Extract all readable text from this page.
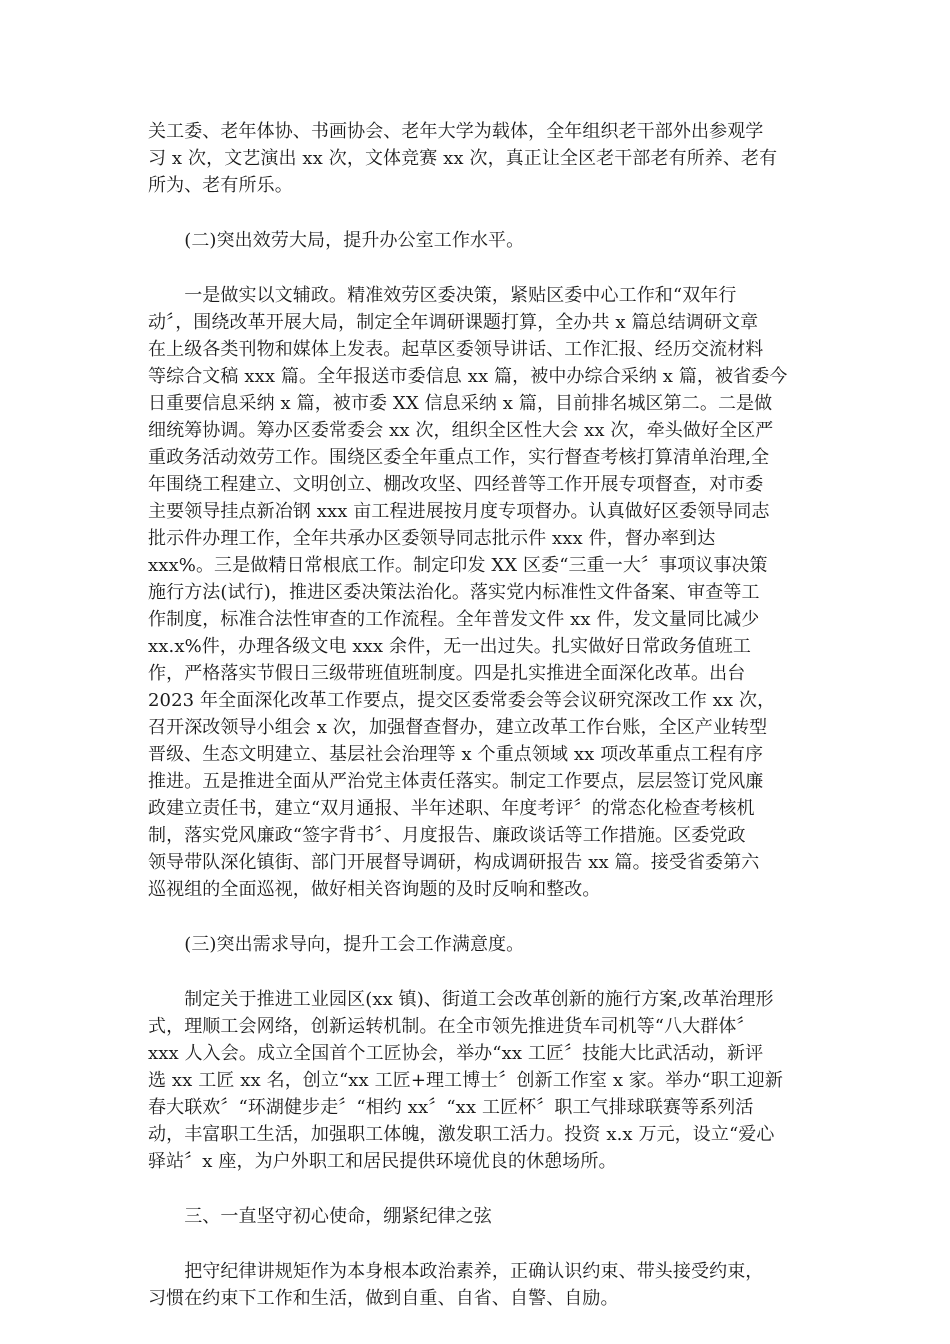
关工委、老年体协、书画协会、老年大学为载体，全年组织老干部外出参观学
习 x 次，文艺演出 xx 次，文体竞赛 xx 次，真正让全区老干部老有所养、老有
所为、老有所乐。
　　(二)突出效劳大局，提升办公室工作水平。
　　一是做实以文辅政。精准效劳区委决策，紧贴区委中心工作和“双年行
动〞，围绕改革开展大局，制定全年调研课题打算，全办共 x 篇总结调研文章
在上级各类刊物和媒体上发表。起草区委领导讲话、工作汇报、经历交流材料
等综合文稿 xxx 篇。全年报送市委信息 xx 篇，被中办综合采纳 x 篇，被省委今
日重要信息采纳 x 篇，被市委 XX 信息采纳 x 篇，目前排名城区第二。二是做
细统筹协调。筹办区委常委会 xx 次，组织全区性大会 xx 次，牵头做好全区严
重政务活动效劳工作。围绕区委全年重点工作，实行督查考核打算清单治理,全
年围绕工程建立、文明创立、棚改攻坚、四经普等工作开展专项督查，对市委
主要领导挂点新冶钢 xxx 亩工程进展按月度专项督办。认真做好区委领导同志
批示件办理工作，全年共承办区委领导同志批示件 xxx 件，督办率到达
xxx%。三是做精日常根底工作。制定印发 XX 区委“三重一大〞事项议事决策
施行方法(试行)，推进区委决策法治化。落实党内标准性文件备案、审查等工
作制度，标准合法性审查的工作流程。全年普发文件 xx 件，发文量同比减少
xx.x%件，办理各级文电 xxx 余件，无一出过失。扎实做好日常政务值班工
作，严格落实节假日三级带班值班制度。四是扎实推进全面深化改革。出台
2023 年全面深化改革工作要点，提交区委常委会等会议研究深改工作 xx 次，
召开深改领导小组会 x 次，加强督查督办，建立改革工作台账，全区产业转型
晋级、生态文明建立、基层社会治理等 x 个重点领域 xx 项改革重点工程有序
推进。五是推进全面从严治党主体责任落实。制定工作要点，层层签订党风廉
政建立责任书，建立“双月通报、半年述职、年度考评〞的常态化检查考核机
制，落实党风廉政“签字背书〞、月度报告、廉政谈话等工作措施。区委党政
领导带队深化镇街、部门开展督导调研，构成调研报告 xx 篇。接受省委第六
巡视组的全面巡视，做好相关咨询题的及时反响和整改。
　　(三)突出需求导向，提升工会工作满意度。
　　制定关于推进工业园区(xx 镇)、街道工会改革创新的施行方案,改革治理形
式，理顺工会网络，创新运转机制。在全市领先推进货车司机等“八大群体〞
xxx 人入会。成立全国首个工匠协会，举办“xx 工匠〞技能大比武活动，新评
选 xx 工匠 xx 名，创立“xx 工匠+理工博士〞创新工作室 x 家。举办“职工迎新
春大联欢〞“环湖健步走〞“相约 xx〞“xx 工匠杯〞职工气排球联赛等系列活
动，丰富职工生活，加强职工体魄，激发职工活力。投资 x.x 万元，设立“爱心
驿站〞x 座，为户外职工和居民提供环境优良的休憩场所。
　　三、一直坚守初心使命，绷紧纪律之弦
　　把守纪律讲规矩作为本身根本政治素养，正确认识约束、带头接受约束，
习惯在约束下工作和生活，做到自重、自省、自警、自励。
